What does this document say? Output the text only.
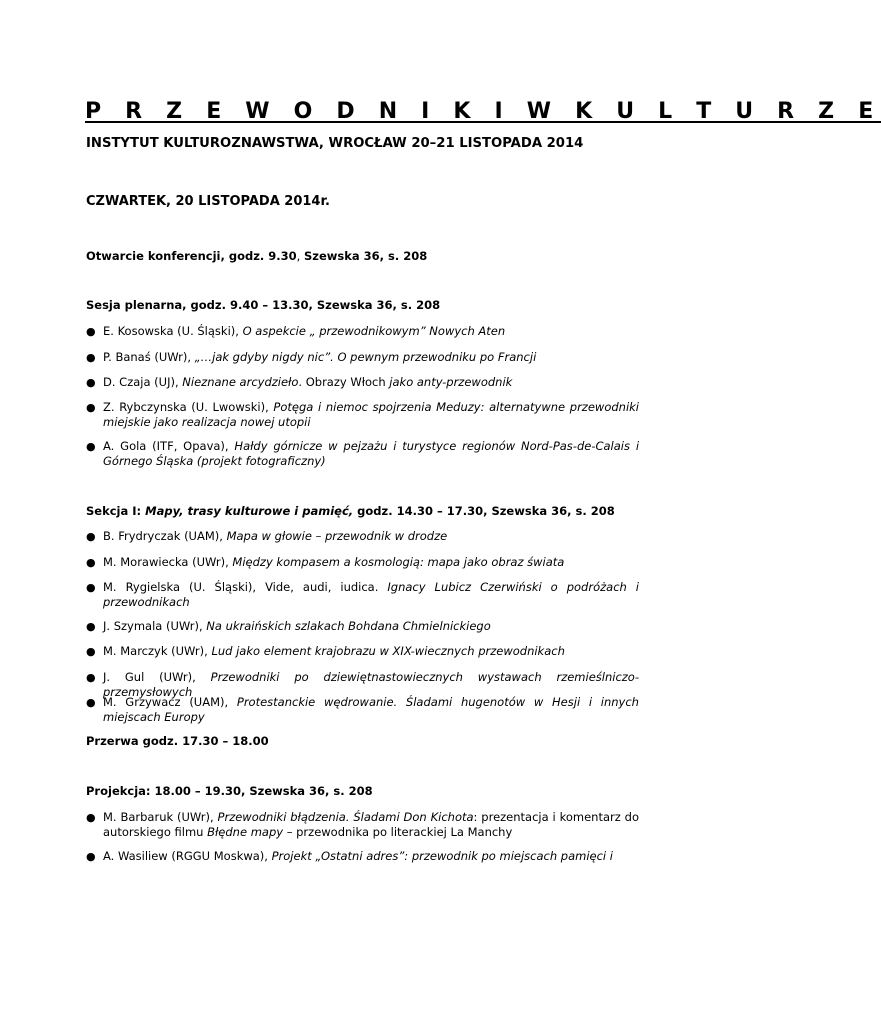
P R Z E W O D N I K I W K U L T U R Z E
INSTYTUT KULTUROZNAWSTWA, WROCŁAW 20–21 LISTOPADA 2014
CZWARTEK, 20 LISTOPADA 2014r.
Otwarcie konferencji, godz. 9.30, Szewska 36, s. 208
Sesja plenarna, godz. 9.40 – 13.30, Szewska 36, s. 208
● E. Kosowska (U. Śląski), O aspekcie „ przewodnikowym” Nowych Aten
● P. Banaś (UWr), „…jak gdyby nigdy nic”. O pewnym przewodniku po Francji
● D. Czaja (UJ), Nieznane arcydzieło. Obrazy Włoch jako anty-przewodnik
● Z. Rybczynska (U. Lwowski), Potęga i niemoc spojrzenia Meduzy: alternatywne przewodniki miejskie jako realizacja nowej utopii
● A. Gola (ITF, Opava), Hałdy górnicze w pejzażu i turystyce regionów Nord-Pas-de-Calais i Górnego Śląska (projekt fotograficzny)
Sekcja I: Mapy, trasy kulturowe i pamięć, godz. 14.30 – 17.30, Szewska 36, s. 208
● B. Frydryczak (UAM), Mapa w głowie – przewodnik w drodze
● M. Morawiecka (UWr), Między kompasem a kosmologią: mapa jako obraz świata
● M. Rygielska (U. Śląski), Vide, audi, iudica. Ignacy Lubicz Czerwiński o podróżach i przewodnikach
● J. Szymala (UWr), Na ukraińskich szlakach Bohdana Chmielnickiego
● M. Marczyk (UWr), Lud jako element krajobrazu w XIX-wiecznych przewodnikach
● J. Gul (UWr), Przewodniki po dziewiętnastowiecznych wystawach rzemieślniczo-przemysłowych
● M. Grzywacz (UAM), Protestanckie wędrowanie. Śladami hugenotów w Hesji i innych miejscach Europy
Przerwa godz. 17.30 – 18.00
Projekcja: 18.00 – 19.30, Szewska 36, s. 208
● M. Barbaruk (UWr), Przewodniki błądzenia. Śladami Don Kichota: prezentacja i komentarz do autorskiego filmu Błędne mapy – przewodnika po literackiej La Manchy
● A. Wasiliew (RGGU Moskwa), Projekt „Ostatni adres”: przewodnik po miejscach pamięci i
